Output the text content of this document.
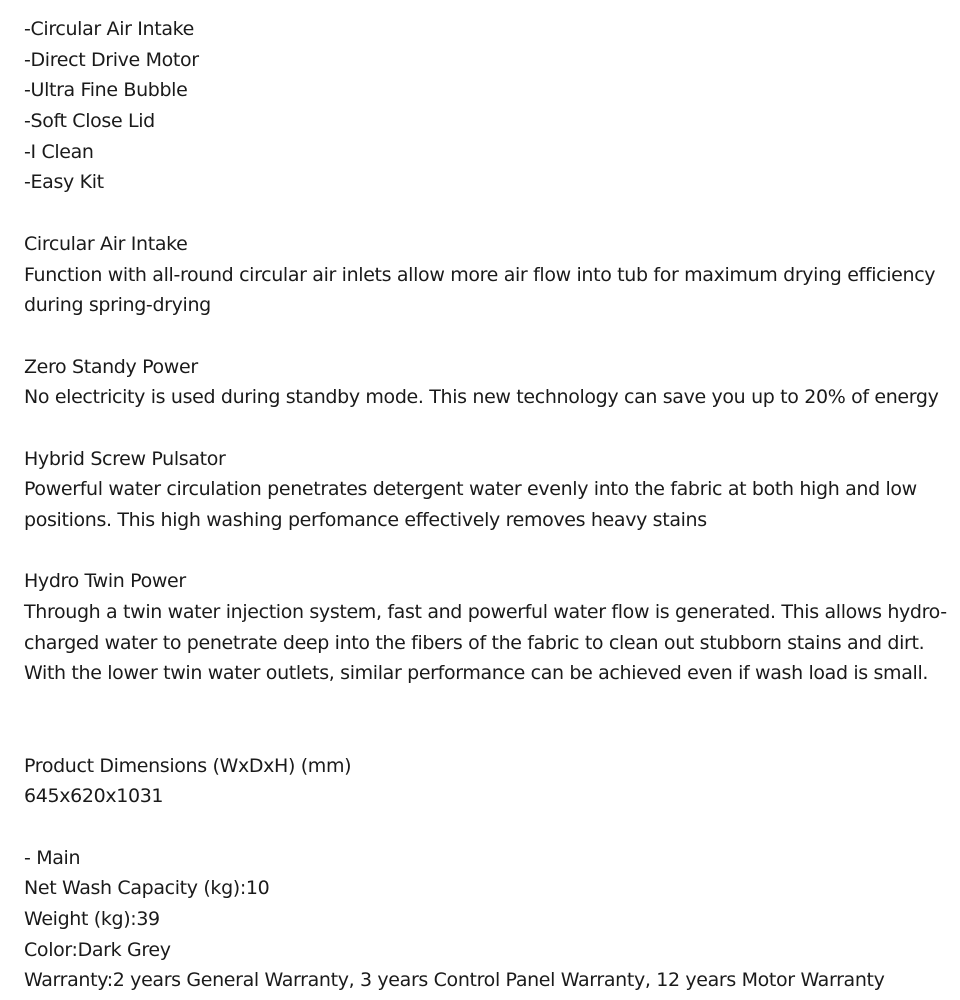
-Circular Air Intake
-Direct Drive Motor
-Ultra Fine Bubble
-Soft Close Lid
-I Clean
-Easy Kit
Circular Air Intake
Function with all-round circular air inlets allow more air flow into tub for maximum drying efficiency
during spring-drying
Zero Standy Power
No electricity is used during standby mode. This new technology can save you up to 20% of energy
Hybrid Screw Pulsator
Powerful water circulation penetrates detergent water evenly into the fabric at both high and low
positions. This high washing perfomance effectively removes heavy stains
Hydro Twin Power
Through a twin water injection system, fast and powerful water flow is generated. This allows hydro-
charged water to penetrate deep into the fibers of the fabric to clean out stubborn stains and dirt.
With the lower twin water outlets, similar performance can be achieved even if wash load is small.
Product Dimensions (WxDxH) (mm)
645x620x1031
- Main
Net Wash Capacity (kg):10
Weight (kg):39
Color:Dark Grey
Warranty:2 years General Warranty, 3 years Control Panel Warranty, 12 years Motor Warranty
